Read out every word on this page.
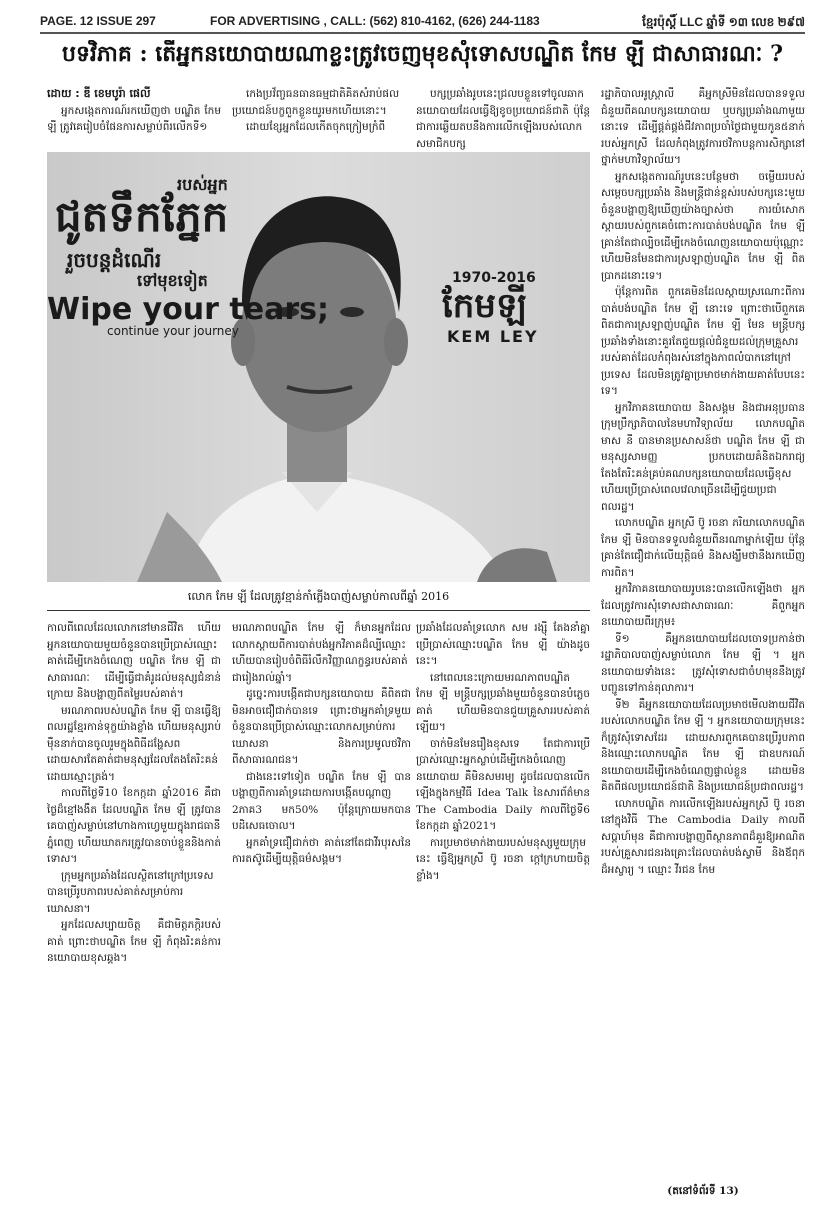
PAGE. 12 ISSUE 297	FOR ADVERTISING , CALL: (562) 810-4162, (626) 244-1183	ខ្មែរប៉ុស្តិ៍ LLC ឆ្នាំទី ១៣ លេខ ២៩៧
បទវិភាគ : តើអ្នកនយោបាយណាខ្លះត្រូវចេញមុខសុំទោសបណ្ឌិត កែម ឡី ជាសាធារណៈ ?
ដោយ : ឌី ខេមបូរ៉ា ផេលី

អ្នកសង្កេតការណ៍រកឃើញថា បណ្ឌិត កែម ឡី ត្រូវគេរៀបចំផែនការសម្លាប់ពីរលើកទី១

កេងប្រវ័ញ្ចធនធានធម្មជាតិគិតសំរាប់ផលប្រយោជន៍បក្ខពួកខ្លួនយូរមកហើយនោះ។

ដោយខ្សែអ្នកដែលកើតចុកក្រៀមក្រំពី

បក្សប្រឆាំងរូបនេះជ្រលបខ្លួនទៅចូលឆាកនយោបាយដែលធ្វើឱ្យខូចប្រយោជន៍ជាតិ ប៉ុន្តែជាការឆ្លើយតបនឹងការលើកឡើងរបស់លោកសមាជិកបក្ស

របស់អ្នក
ជូតទឹកភ្នែក
រួចបន្តដំណើរ
ទៅមុខទៀត
Wipe your tears;
continue your journey
1970-2016
កែមឡី
KEM LEY
លោក កែម ឡី ដែលត្រូវខ្មាន់កាំភ្លើងបាញ់សម្លាប់កាលពីឆ្នាំ 2016

រដ្ឋាភិបាលអូស្ត្រាលី គឺអ្នកស្រីមិនដែលបានទទួលជំនួយពីគណបក្សនយោបាយ ឬបក្សប្រឆាំងណាមួយនោះទេ ដើម្បីផ្គត់ផ្គង់ជីវភាពប្រចាំថ្ងៃជាមួយកូន៥នាក់របស់អ្នកស្រី ដែលកំពុងត្រូវការថវិកាបន្តការសិក្សានៅថ្នាក់មហាវិទ្យាល័យ។

អ្នកសង្កេតការណ៍រូបនេះបន្ថែមថា ចម្លើយរបស់សម្ដេចបក្សប្រឆាំង និងមន្ត្រីជាន់ខ្ពស់របស់បក្សនេះមួយចំនួនបង្ហាញឱ្យឃើញយ៉ាងច្បាស់ថា ការយំសោកស្ដាយរបស់ពួកគេចំពោះការបាត់បង់បណ្ឌិត កែម ឡី គ្រាន់តែជាល្បិចដើម្បីកេងចំណេញនយោបាយប៉ុណ្ណោះ ហើយមិនមែនជាការស្រឡាញ់បណ្ឌិត កែម ឡី ពិតប្រាកដនោះទេ។

ប៉ុន្តែការពិត ពួកគេមិនដែលស្ដាយស្រណោះពីការបាត់បង់បណ្ឌិត កែម ឡី នោះទេ ព្រោះថាបើពួកគេពិតជាការស្រឡាញ់បណ្ឌិត កែម ឡី មែន មន្ត្រីបក្សប្រឆាំងទាំងនោះគួរតែជួយផ្ដល់ជំនួយដល់ក្រុមគ្រួសាររបស់គាត់ដែលកំពុងរស់នៅក្នុងភាពលំបាកនៅក្រៅប្រទេស ដែលមិនត្រូវគ្នាប្រមាថមាក់ងាយគាត់បែបនេះទេ។

អ្នកវិភាគនយោបាយ និងសង្គម និងជាអនុប្រធានក្រុមប្រឹក្សាភិបាលនៃមហាវិទ្យាល័យ លោកបណ្ឌិត មាស នី បានមានប្រសាសន៍ថា បណ្ឌិត កែម ឡី ជាមនុស្សសាមញ្ញ ប្រកបដោយគំនិតឯករាជ្យ តែងតែរិះគន់គ្រប់គណបក្សនយោបាយដែលធ្វើខុស ហើយប្រើប្រាស់ពេលវេលាច្រើនដើម្បីជួយប្រជាពលរដ្ឋ។

លោកបណ្ឌិត អ្នកស្រី ប៊ូ រចនា ភរិយាលោកបណ្ឌិត កែម ឡី មិនបានទទួលជំនួយពីនរណាម្នាក់ឡើយ ប៉ុន្តែគ្រាន់តែជឿជាក់លើយុត្តិធម៌ និងសង្ឃឹមថានឹងរកឃើញការពិត។

អ្នកវិភាគនយោបាយរូបនេះបានលើកឡើងថា អ្នកដែលត្រូវការសុំទោសជាសាធារណៈ គឺពួកអ្នកនយោបាយពីរក្រុម៖

ទី១ គឺអ្នកនយោបាយដែលចោទប្រកាន់ថារដ្ឋាភិបាលបាញ់សម្លាប់លោក កែម ឡី ។ អ្នកនយោបាយទាំងនេះ ត្រូវសុំទោសជាចំហមុននឹងត្រូវបញ្ជូនទៅកាន់តុលាការ។

ទី២ គឺអ្នកនយោបាយដែលប្រមាថមើលងាយជីវិតរបស់លោកបណ្ឌិត កែម ឡី ។ អ្នកនយោបាយក្រុមនេះ ក៏ត្រូវសុំទោសដែរ ដោយសារពួកគេបានប្រើរូបភាព និងឈ្មោះលោកបណ្ឌិត កែម ឡី ជាឧបករណ៍នយោបាយដើម្បីកេងចំណេញផ្ទាល់ខ្លួន ដោយមិនគិតពីផលប្រយោជន៍ជាតិ និងប្រយោជន៍ប្រជាពលរដ្ឋ។

លោកបណ្ឌិត ការលើកឡើងរបស់អ្នកស្រី ប៊ូ រចនា នៅក្នុងវិធី The Cambodia Daily កាលពីសប្ដាហ៍មុន គឺជាការបង្ហាញពីស្ថានភាពដ៏គួរឱ្យអាណិតរបស់គ្រួសារជនរងគ្រោះដែលបាត់បង់ស្វាមី និងឪពុកដ៏អស្ចារ្យ ។ ឈ្មោះ វីរជន កែម

(តនៅទំព័រទី 13)

កាលពីពេលដែលលោកនៅមានជីវិត ហើយអ្នកនយោបាយមួយចំនួនបានប្រើប្រាស់ឈ្មោះគាត់ដើម្បីកេងចំណេញ បណ្ឌិត កែម ឡី ជាសាធារណៈ ដើម្បីធ្វើជាគំរូដល់មនុស្សជំនាន់ក្រោយ និងបង្ហាញពីតម្លៃរបស់គាត់។

មរណភាពរបស់បណ្ឌិត កែម ឡី បានធ្វើឱ្យពលរដ្ឋខ្មែរកាន់ទុក្ខយ៉ាងខ្លាំង ហើយមនុស្សរាប់ម៉ឺននាក់បានចូលរួមក្នុងពិធីដង្ហែសព ដោយសារតែគាត់ជាមនុស្សដែលតែងតែរិះគន់ដោយស្មោះត្រង់។

កាលពីថ្ងៃទី10 ខែកក្កដា ឆ្នាំ2016 គឺជាថ្ងៃដ៏ខ្មៅងងឹត ដែលបណ្ឌិត កែម ឡី ត្រូវបានគេបាញ់សម្លាប់នៅហាងកាហ្វេមួយក្នុងរាជធានីភ្នំពេញ ហើយឃាតករត្រូវបានចាប់ខ្លួននិងកាត់ទោស។

ក្រុមអ្នកប្រឆាំងដែលស្ថិតនៅក្រៅប្រទេស បានប្រើរូបភាពរបស់គាត់សម្រាប់ការឃោសនា។

អ្នកដែលសប្បាយចិត្ត គឺជាមិត្តភក្តិរបស់គាត់ ព្រោះថាបណ្ឌិត កែម ឡី កំពុងរិះគន់ការនយោបាយខុសឆ្គង។

មរណភាពបណ្ឌិត កែម ឡី ក៏មានអ្នកដែលលោកស្ដាយពីការបាត់បង់អ្នកវិភាគដ៏ល្បីឈ្មោះ ហើយបានរៀបចំពិធីរំលឹកវិញ្ញាណក្ខន្ធរបស់គាត់ជារៀងរាល់ឆ្នាំ។

ដូច្នេះការបង្កើតជាបក្សនយោបាយ គឺពិតជាមិនអាចជឿជាក់បានទេ ព្រោះថាអ្នកគាំទ្រមួយចំនួនបានប្រើប្រាស់ឈ្មោះលោកសម្រាប់ការឃោសនា និងការប្រមូលថវិកាពីសាធារណជន។

ជាងនេះទៅទៀត បណ្ឌិត កែម ឡី បានបង្ហាញពីការគាំទ្រដោយការបង្កើតបណ្ដាញ 2ភាគ3 មក50% ប៉ុន្តែក្រោយមកបានបដិសេធចោល។

អ្នកគាំទ្រជឿជាក់ថា គាត់នៅតែជាវីរបុរសនៃការតស៊ូដើម្បីយុត្តិធម៌សង្គម។

ប្រឆាំងដែលគាំទ្រលោក សម រង្ស៊ី តែងនាំគ្នាប្រើប្រាស់ឈ្មោះបណ្ឌិត កែម ឡី យ៉ាងដូចនេះ។

នៅពេលនេះក្រោយមរណភាពបណ្ឌិត កែម ឡី មន្ត្រីបក្សប្រឆាំងមួយចំនួនបានបំភ្លេចគាត់ ហើយមិនបានជួយគ្រួសាររបស់គាត់ឡើយ។

ចាក់មិនមែនរឿងខុសទេ តែជាការប្រើប្រាស់ឈ្មោះអ្នកស្លាប់ដើម្បីកេងចំណេញនយោបាយ គឺមិនសមរម្យ ដូចដែលបានលើកឡើងក្នុងកម្មវិធី Idea Talk នៃសារព័ត៌មាន The Cambodia Daily កាលពីថ្ងៃទី6 ខែកក្កដា ឆ្នាំ2021។

ការប្រមាថមាក់ងាយរបស់មនុស្សមួយក្រុមនេះ ធ្វើឱ្យអ្នកស្រី ប៊ូ រចនា ក្ដៅក្រហាយចិត្តខ្លាំង។
